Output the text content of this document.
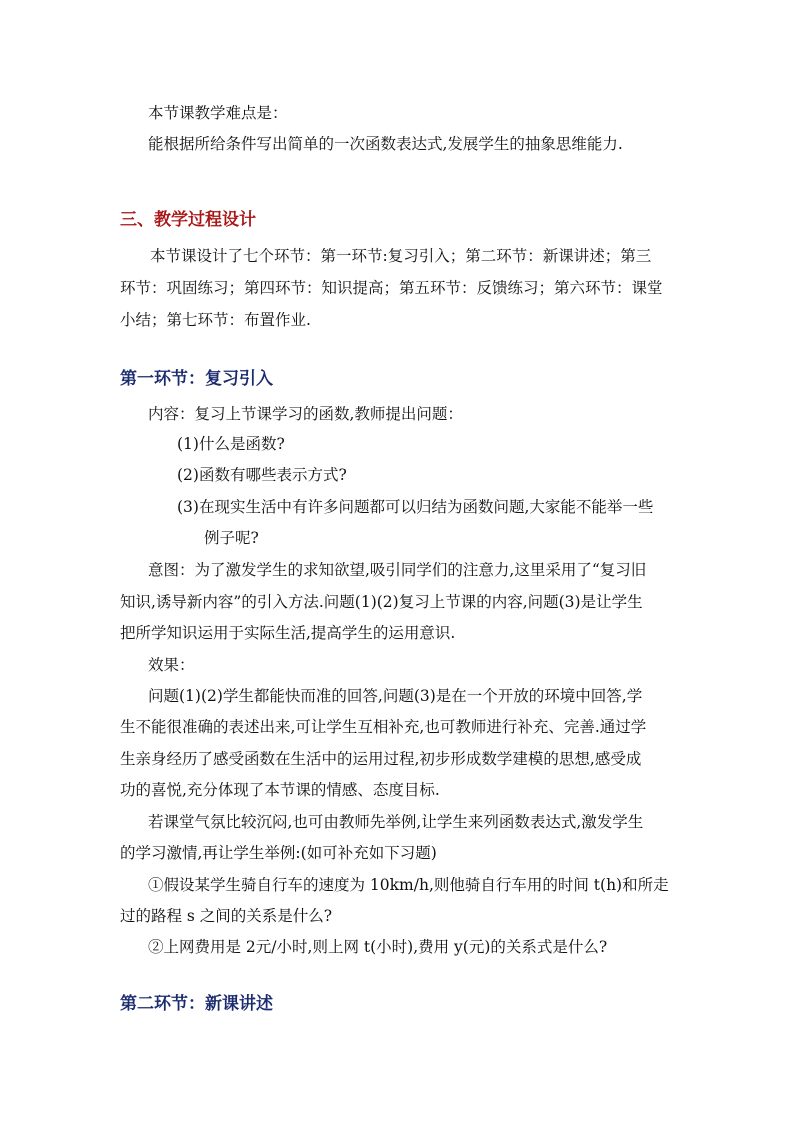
本节课教学难点是：
能根据所给条件写出简单的一次函数表达式,发展学生的抽象思维能力.
三、教学过程设计
本节课设计了七个环节：第一环节:复习引入；第二环节：新课讲述；第三
环节：巩固练习；第四环节：知识提高；第五环节：反馈练习；第六环节：课堂
小结；第七环节：布置作业.
第一环节：复习引入
内容：复习上节课学习的函数,教师提出问题：
(1)什么是函数?
(2)函数有哪些表示方式?
(3)在现实生活中有许多问题都可以归结为函数问题,大家能不能举一些
例子呢?
意图：为了激发学生的求知欲望,吸引同学们的注意力,这里采用了“复习旧
知识,诱导新内容”的引入方法.问题(1)(2)复习上节课的内容,问题(3)是让学生
把所学知识运用于实际生活,提高学生的运用意识.
效果：
问题(1)(2)学生都能快而准的回答,问题(3)是在一个开放的环境中回答,学
生不能很准确的表述出来,可让学生互相补充,也可教师进行补充、完善.通过学
生亲身经历了感受函数在生活中的运用过程,初步形成数学建模的思想,感受成
功的喜悦,充分体现了本节课的情感、态度目标.
若课堂气氛比较沉闷,也可由教师先举例,让学生来列函数表达式,激发学生
的学习激情,再让学生举例:(如可补充如下习题)
①假设某学生骑自行车的速度为 10km/h,则他骑自行车用的时间 t(h)和所走
过的路程 s 之间的关系是什么?
②上网费用是 2元/小时,则上网 t(小时),费用 y(元)的关系式是什么?
第二环节：新课讲述
